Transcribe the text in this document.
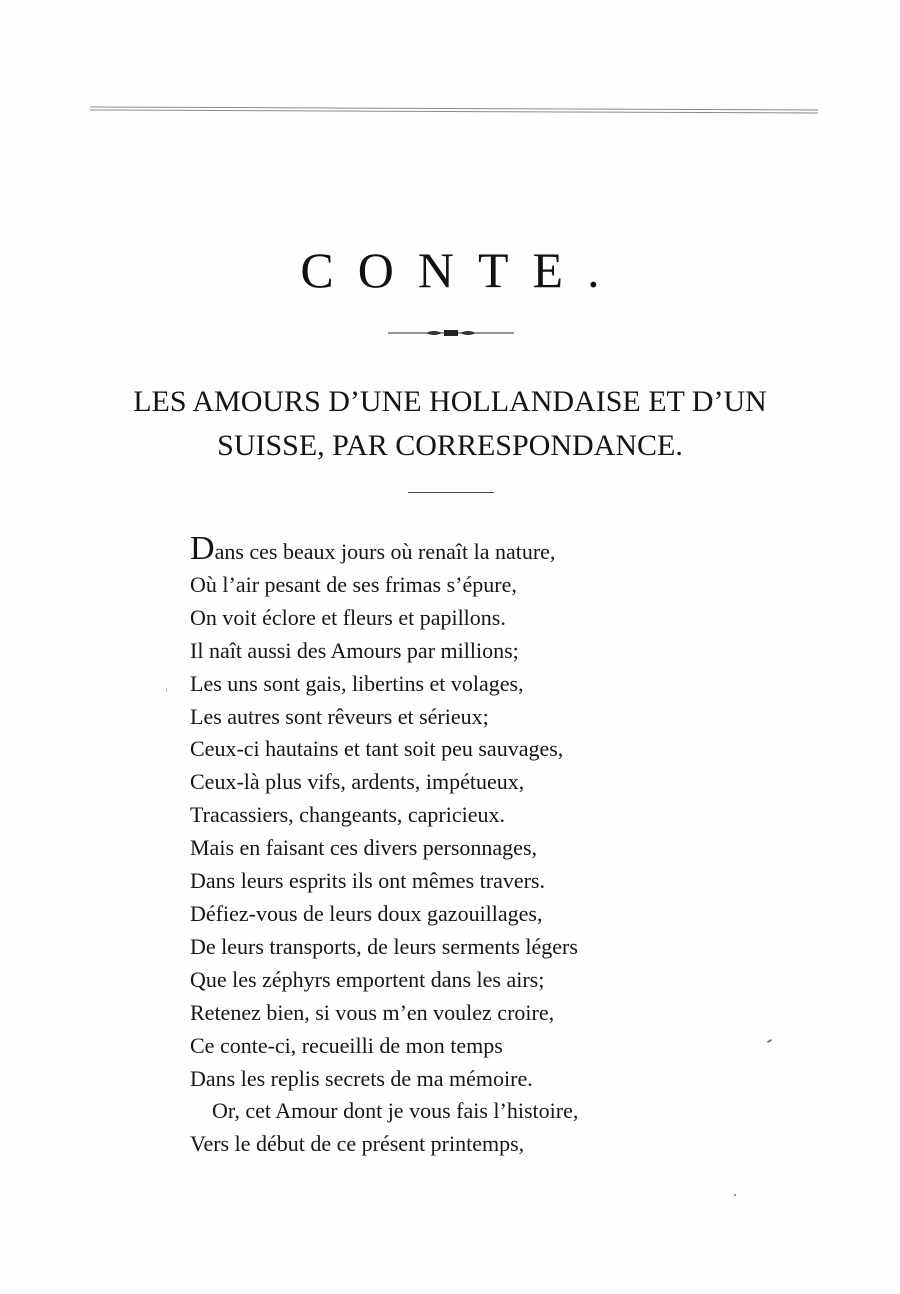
CONTE.
LES AMOURS D’UNE HOLLANDAISE ET D’UN SUISSE, PAR CORRESPONDANCE.
Dans ces beaux jours où renaît la nature,
Où l’air pesant de ses frimas s’épure,
On voit éclore et fleurs et papillons.
Il naît aussi des Amours par millions;
Les uns sont gais, libertins et volages,
Les autres sont rêveurs et sérieux;
Ceux-ci hautains et tant soit peu sauvages,
Ceux-là plus vifs, ardents, impétueux,
Tracassiers, changeants, capricieux.
Mais en faisant ces divers personnages,
Dans leurs esprits ils ont mêmes travers.
Défiez-vous de leurs doux gazouillages,
De leurs transports, de leurs serments légers
Que les zéphyrs emportent dans les airs;
Retenez bien, si vous m’en voulez croire,
Ce conte-ci, recueilli de mon temps
Dans les replis secrets de ma mémoire.
Or, cet Amour dont je vous fais l’histoire,
Vers le début de ce présent printemps,
